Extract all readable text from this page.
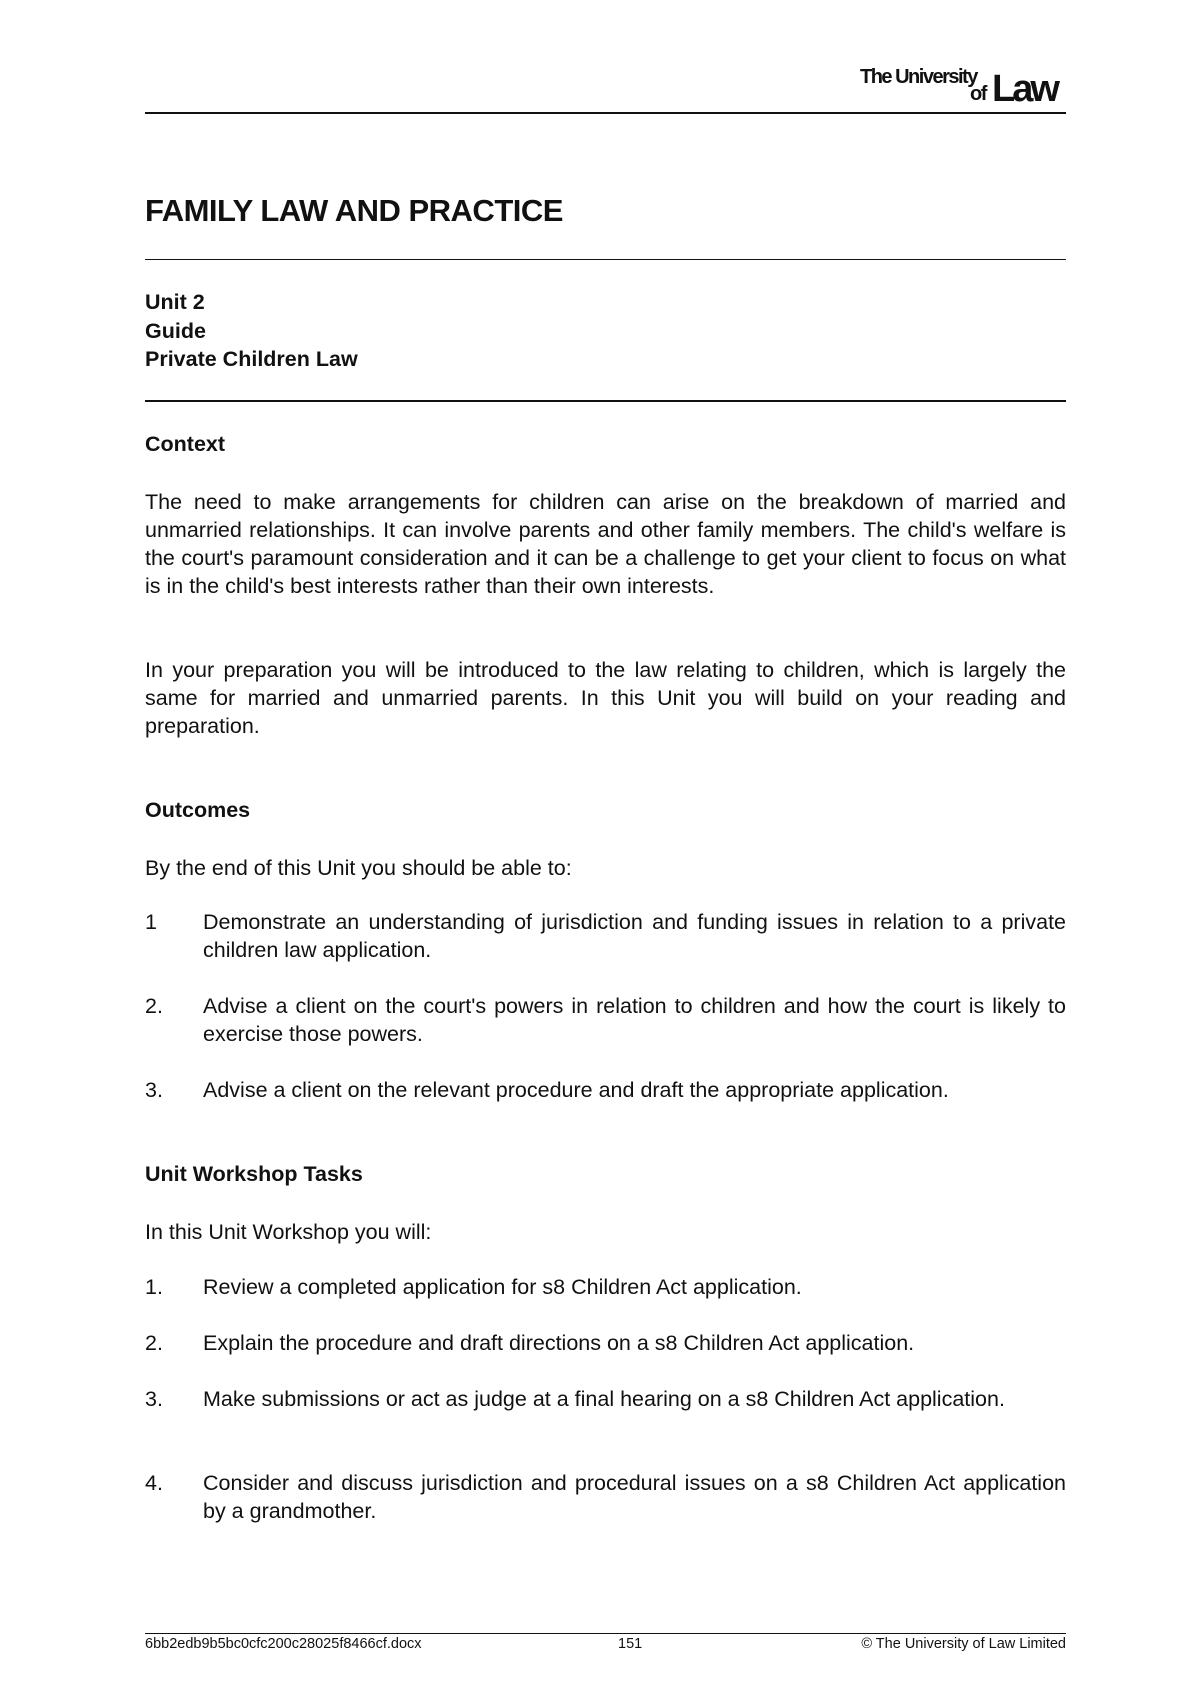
The University
of Law
FAMILY LAW AND PRACTICE
Unit 2
Guide
Private Children Law
Context

The need to make arrangements for children can arise on the breakdown of married and unmarried relationships. It can involve parents and other family members. The child's welfare is the court's paramount consideration and it can be a challenge to get your client to focus on what is in the child's best interests rather than their own interests.

In your preparation you will be introduced to the law relating to children, which is largely the same for married and unmarried parents. In this Unit you will build on your reading and preparation.

Outcomes

By the end of this Unit you should be able to:

1 Demonstrate an understanding of jurisdiction and funding issues in relation to a private children law application.
2. Advise a client on the court's powers in relation to children and how the court is likely to exercise those powers.
3. Advise a client on the relevant procedure and draft the appropriate application.
Unit Workshop Tasks

In this Unit Workshop you will:

1. Review a completed application for s8 Children Act application.
2. Explain the procedure and draft directions on a s8 Children Act application.
3. Make submissions or act as judge at a final hearing on a s8 Children Act application.
4. Consider and discuss jurisdiction and procedural issues on a s8 Children Act application by a grandmother.
6bb2edb9b5bc0cfc200c28025f8466cf.docx	151	© The University of Law Limited
